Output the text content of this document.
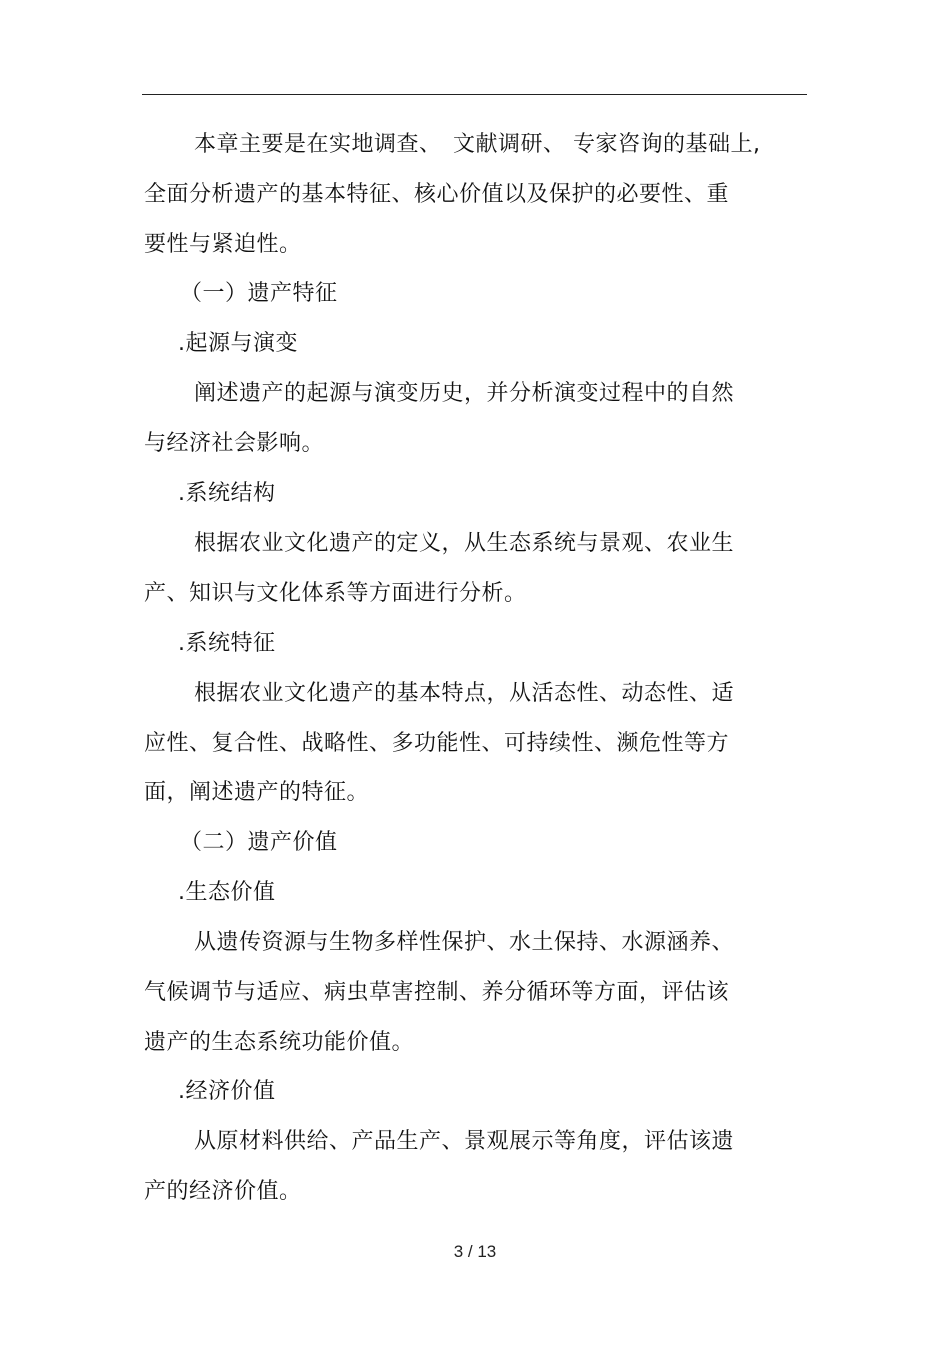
本章主要是在实地调查、　文献调研、 专家咨询的基础上,
全面分析遗产的基本特征、核心价值以及保护的必要性、重
要性与紧迫性。
（一）遗产特征
.起源与演变
阐述遗产的起源与演变历史，并分析演变过程中的自然
与经济社会影响。
.系统结构
根据农业文化遗产的定义，从生态系统与景观、农业生
产、知识与文化体系等方面进行分析。
.系统特征
根据农业文化遗产的基本特点，从活态性、动态性、适
应性、复合性、战略性、多功能性、可持续性、濒危性等方
面，阐述遗产的特征。
（二）遗产价值
.生态价值
从遗传资源与生物多样性保护、水土保持、水源涵养、
气候调节与适应、病虫草害控制、养分循环等方面，评估该
遗产的生态系统功能价值。
.经济价值
从原材料供给、产品生产、景观展示等角度，评估该遗
产的经济价值。
3 / 13
